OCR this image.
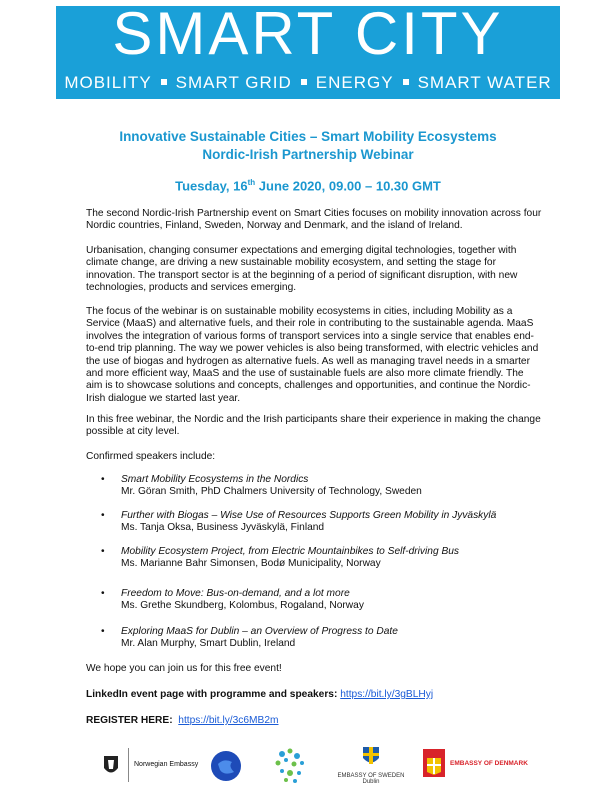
SMART CITY
MOBILITY SMART GRID ENERGY SMART WATER
Innovative Sustainable Cities – Smart Mobility Ecosystems
Nordic-Irish Partnership Webinar
Tuesday, 16th June 2020, 09.00 – 10.30 GMT
The second Nordic-Irish Partnership event on Smart Cities focuses on mobility innovation across four Nordic countries, Finland, Sweden, Norway and Denmark, and the island of Ireland.
Urbanisation, changing consumer expectations and emerging digital technologies, together with climate change, are driving a new sustainable mobility ecosystem, and setting the stage for innovation. The transport sector is at the beginning of a period of significant disruption, with new technologies, products and services emerging.
The focus of the webinar is on sustainable mobility ecosystems in cities, including Mobility as a Service (MaaS) and alternative fuels, and their role in contributing to the sustainable agenda. MaaS involves the integration of various forms of transport services into a single service that enables end-to-end trip planning. The way we power vehicles is also being transformed, with electric vehicles and the use of biogas and hydrogen as alternative fuels. As well as managing travel needs in a smarter and more efficient way, MaaS and the use of sustainable fuels are also more climate friendly. The aim is to showcase solutions and concepts, challenges and opportunities, and continue the Nordic-Irish dialogue we started last year.
In this free webinar, the Nordic and the Irish participants share their experience in making the change possible at city level.
Confirmed speakers include:
•	Smart Mobility Ecosystems in the Nordics
Mr. Göran Smith, PhD Chalmers University of Technology, Sweden
•	Further with Biogas – Wise Use of Resources Supports Green Mobility in Jyväskylä
Ms. Tanja Oksa, Business Jyväskylä, Finland
•	Mobility Ecosystem Project, from Electric Mountainbikes to Self-driving Bus
Ms. Marianne Bahr Simonsen, Bodø Municipality, Norway
•	Freedom to Move: Bus-on-demand, and a lot more
Ms. Grethe Skundberg, Kolombus, Rogaland, Norway
•	Exploring MaaS for Dublin – an Overview of Progress to Date
Mr. Alan Murphy, Smart Dublin, Ireland
We hope you can join us for this free event!
LinkedIn event page with programme and speakers: https://bit.ly/3gBLHyj
REGISTER HERE: https://bit.ly/3c6MB2m
Norwegian Embassy
EMBASSY OF SWEDEN
Dublin
EMBASSY OF DENMARK
